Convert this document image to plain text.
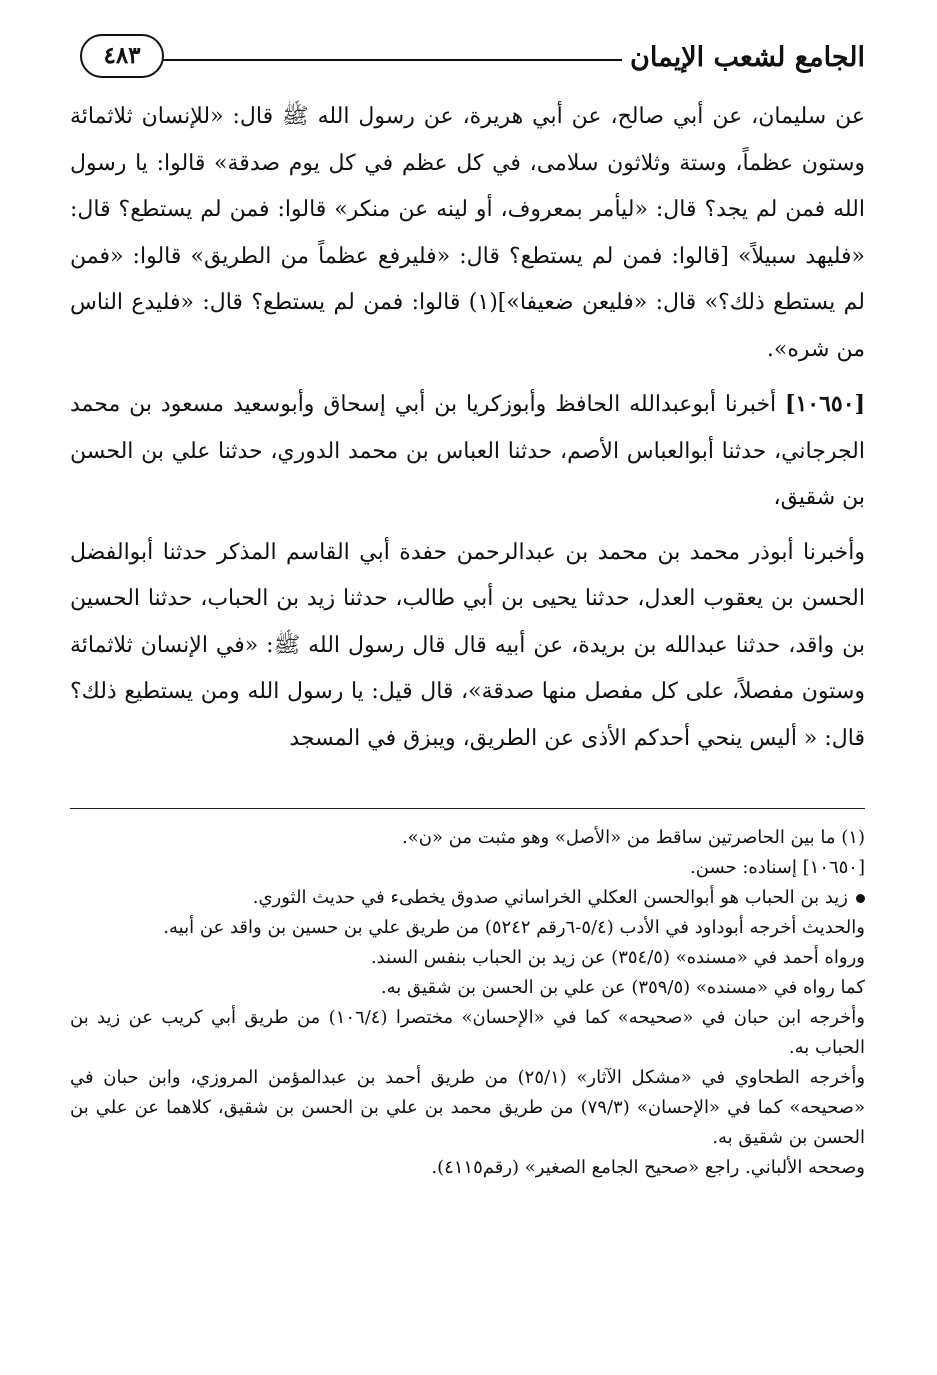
الجامع لشعب الإيمان
٤٨٣

عن سليمان، عن أبي صالح، عن أبي هريرة، عن رسول الله ﷺ قال: «للإنسان ثلاثمائة وستون عظماً، وستة وثلاثون سلامى، في كل عظم في كل يوم صدقة» قالوا: يا رسول الله فمن لم يجد؟ قال: «ليأمر بمعروف، أو لينه عن منكر» قالوا: فمن لم يستطع؟ قال: «فليهد سبيلاً» [قالوا: فمن لم يستطع؟ قال: «فليرفع عظماً من الطريق» قالوا: «فمن لم يستطع ذلك؟» قال: «فليعن ضعيفا»](١) قالوا: فمن لم يستطع؟ قال: «فليدع الناس من شره».

[١٠٦٥٠] أخبرنا أبوعبدالله الحافظ وأبوزكريا بن أبي إسحاق وأبوسعيد مسعود بن محمد الجرجاني، حدثنا أبوالعباس الأصم، حدثنا العباس بن محمد الدوري، حدثنا علي بن الحسن بن شقيق،

وأخبرنا أبوذر محمد بن محمد بن عبدالرحمن حفدة أبي القاسم المذكر حدثنا أبوالفضل الحسن بن يعقوب العدل، حدثنا يحيى بن أبي طالب، حدثنا زيد بن الحباب، حدثنا الحسين بن واقد، حدثنا عبدالله بن بريدة، عن أبيه قال قال رسول الله ﷺ: «في الإنسان ثلاثمائة وستون مفصلاً، على كل مفصل منها صدقة»، قال قيل: يا رسول الله ومن يستطيع ذلك؟ قال: « أليس ينحي أحدكم الأذى عن الطريق، ويبزق في المسجد

(١) ما بين الحاصرتين ساقط من «الأصل» وهو مثبت من «ن».

[١٠٦٥٠] إسناده: حسن.

زيد بن الحباب هو أبوالحسن العكلي الخراساني صدوق يخطىء في حديث الثوري.

والحديث أخرجه أبوداود في الأدب (٥/٤-٦رقم ٥٢٤٢) من طريق علي بن حسين بن واقد عن أبيه.

ورواه أحمد في «مسنده» (٣٥٤/٥) عن زيد بن الحباب بنفس السند.

كما رواه في «مسنده» (٣٥٩/٥) عن علي بن الحسن بن شقيق به.

وأخرجه ابن حبان في «صحيحه» كما في «الإحسان» مختصرا (١٠٦/٤) من طريق أبي كريب عن زيد بن الحباب به.

وأخرجه الطحاوي في «مشكل الآثار» (٢٥/١) من طريق أحمد بن عبدالمؤمن المروزي، وابن حبان في «صحيحه» كما في «الإحسان» (٧٩/٣) من طريق محمد بن علي بن الحسن بن شقيق، كلاهما عن علي بن الحسن بن شقيق به.

وصححه الألباني. راجع «صحيح الجامع الصغير» (رقم٤١١٥).
